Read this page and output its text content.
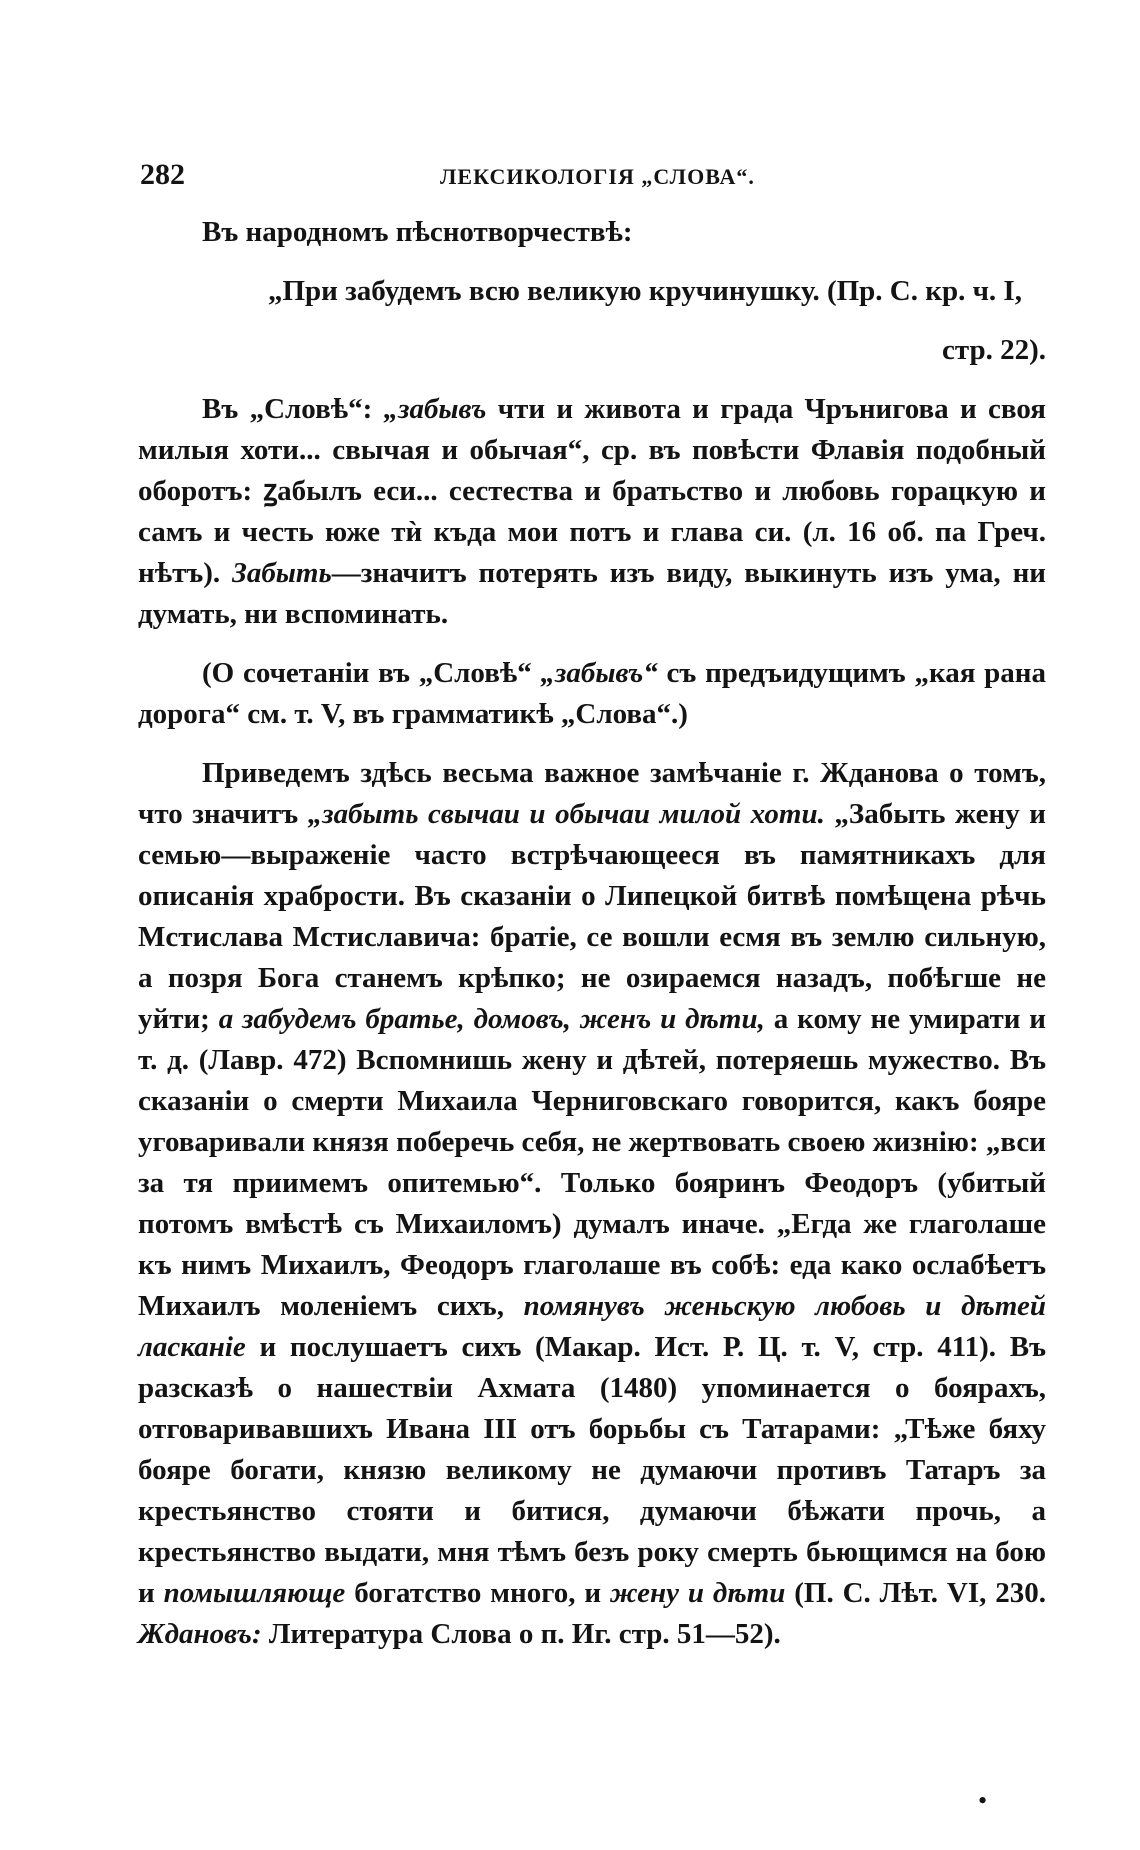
282	ЛЕКСИКОЛОГІЯ „СЛОВА“.

Въ народномъ пѣснотворчествѣ:

„При забудемъ всю великую кручинушку. (Пр. С. кр. ч. I,

стр. 22).

Въ „Словѣ“: „забывъ чти и живота и града Чрънигова и своя милыя хоти... свычая и обычая“, ср. въ повѣсти Флавія подобный оборотъ: ꙁабылъ еси... сестества и братьство и любовь горацкую и самъ и честь юже тѝ къда мои потъ и глава си. (л. 16 об. па Греч. нѣтъ). Забыть—значитъ потерять изъ виду, выкинуть изъ ума, ни думать, ни вспоминать.

(О сочетаніи въ „Словѣ“ „забывъ“ съ предъидущимъ „кая рана дорога“ см. т. V, въ грамматикѣ „Слова“.)

Приведемъ здѣсь весьма важное замѣчаніе г. Жданова о томъ, что значитъ „забыть свычаи и обычаи милой хоти. „Забыть жену и семью—выраженіе часто встрѣчающееся въ памятникахъ для описанія храбрости. Въ сказаніи о Липецкой битвѣ помѣщена рѣчь Мстислава Мстиславича: братіе, се вошли есмя въ землю сильную, а позря Бога станемъ крѣпко; не озираемся назадъ, побѣгше не уйти; а забудемъ братье, домовъ, женъ и дѣти, а кому не умирати и т. д. (Лавр. 472) Вспомнишь жену и дѣтей, потеряешь мужество. Въ сказаніи о смерти Михаила Черниговскаго говорится, какъ бояре уговаривали князя поберечь себя, не жертвовать своею жизнію: „вси за тя приимемъ опитемью“. Только бояринъ Феодоръ (убитый потомъ вмѣстѣ съ Михаиломъ) думалъ иначе. „Егда же глаголаше къ нимъ Михаилъ, Феодоръ глаголаше въ собѣ: еда како ослабѣетъ Михаилъ моленіемъ сихъ, помянувъ женьскую любовь и дѣтей ласканіе и послушаетъ сихъ (Макар. Ист. Р. Ц. т. V, стр. 411). Въ разсказѣ о нашествіи Ахмата (1480) упоминается о боярахъ, отговаривавшихъ Ивана III отъ борьбы съ Татарами: „Тѣже бяху бояре богати, князю великому не думаючи противъ Татаръ за крестьянство стояти и битися, думаючи бѣжати прочь, а крестьянство выдати, мня тѣмъ безъ року смерть бьющимся на бою и помышляюще богатство много, и жену и дѣти (П. С. Лѣт. VI, 230. Ждановъ: Литература Слова о п. Иг. стр. 51—52).

•
